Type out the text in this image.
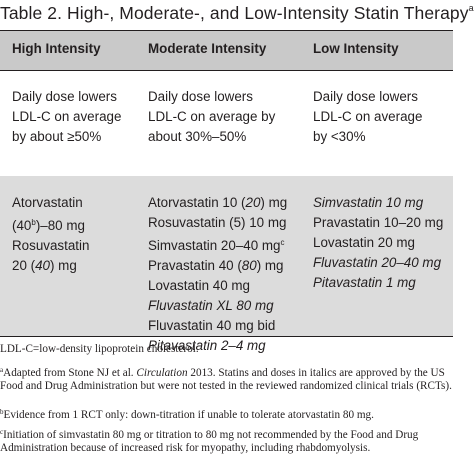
Table 2. High-, Moderate-, and Low-Intensity Statin Therapy$^a$
High Intensity	Moderate Intensity	Low Intensity
Daily dose lowers
LDL-C on average
by about ≥50%
Daily dose lowers
LDL-C on average by
about 30%–50%
Daily dose lowers
LDL-C on average
by <30%
Atorvastatin
(40$^b$)–80 mg
Rosuvastatin
20 (40) mg
Atorvastatin 10 (20) mg
Rosuvastatin (5) 10 mg
Simvastatin 20–40 $mg^c$
Pravastatin 40 (80) mg
Lovastatin 40 mg
Fluvastatin XL 80 mg
Fluvastatin 40 mg bid
Pitavastatin 2–4 mg
Simvastatin 10 mg
Pravastatin 10–20 mg
Lovastatin 20 mg
Fluvastatin 20–40 mg
Pitavastatin 1 mg
LDL-C=low-density lipoprotein cholesterol.
$^a$Adapted from Stone NJ et al. Circulation 2013. Statins and doses in italics are approved by the US Food and Drug Administration but were not tested in the reviewed randomized clinical trials (RCTs).
$^b$Evidence from 1 RCT only: down-titration if unable to tolerate atorvastatin 80 mg.
$^c$Initiation of simvastatin 80 mg or titration to 80 mg not recommended by the Food and Drug Administration because of increased risk for myopathy, including rhabdomyolysis.
